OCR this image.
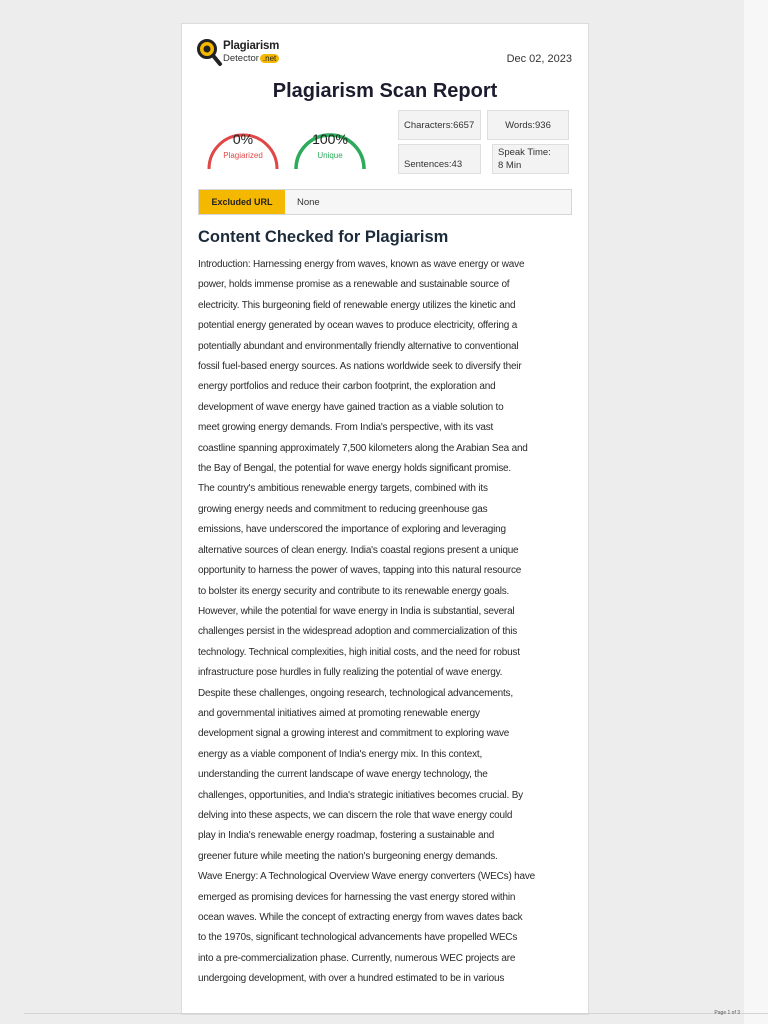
Page 1 of 3
Plagiarism
Detector .net	Dec 02, 2023
Plagiarism Scan Report
0%
Plagiarized
100%
Unique
Characters:6657	Words:936
Sentences:43
Speak Time:
8 Min
Excluded URL	None
Content Checked for Plagiarism

Introduction: Harnessing energy from waves, known as wave energy or wave
power, holds immense promise as a renewable and sustainable source of
electricity. This burgeoning field of renewable energy utilizes the kinetic and
potential energy generated by ocean waves to produce electricity, offering a
potentially abundant and environmentally friendly alternative to conventional
fossil fuel-based energy sources. As nations worldwide seek to diversify their
energy portfolios and reduce their carbon footprint, the exploration and
development of wave energy have gained traction as a viable solution to
meet growing energy demands. From India's perspective, with its vast
coastline spanning approximately 7,500 kilometers along the Arabian Sea and
the Bay of Bengal, the potential for wave energy holds significant promise.
The country's ambitious renewable energy targets, combined with its
growing energy needs and commitment to reducing greenhouse gas
emissions, have underscored the importance of exploring and leveraging
alternative sources of clean energy. India's coastal regions present a unique
opportunity to harness the power of waves, tapping into this natural resource
to bolster its energy security and contribute to its renewable energy goals.
However, while the potential for wave energy in India is substantial, several
challenges persist in the widespread adoption and commercialization of this
technology. Technical complexities, high initial costs, and the need for robust
infrastructure pose hurdles in fully realizing the potential of wave energy.
Despite these challenges, ongoing research, technological advancements,
and governmental initiatives aimed at promoting renewable energy
development signal a growing interest and commitment to exploring wave
energy as a viable component of India's energy mix. In this context,
understanding the current landscape of wave energy technology, the
challenges, opportunities, and India's strategic initiatives becomes crucial. By
delving into these aspects, we can discern the role that wave energy could
play in India's renewable energy roadmap, fostering a sustainable and
greener future while meeting the nation's burgeoning energy demands.
Wave Energy: A Technological Overview Wave energy converters (WECs) have
emerged as promising devices for harnessing the vast energy stored within
ocean waves. While the concept of extracting energy from waves dates back
to the 1970s, significant technological advancements have propelled WECs
into a pre-commercialization phase. Currently, numerous WEC projects are
undergoing development, with over a hundred estimated to be in various
